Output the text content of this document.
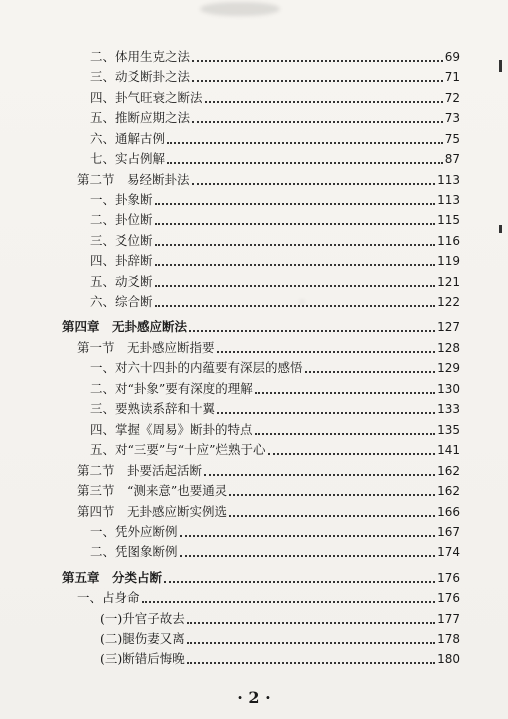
二、体用生克之法	69
三、动爻断卦之法	71
四、卦气旺衰之断法	72
五、推断应期之法	73
六、通解古例	75
七、实占例解	87
第二节　易经断卦法	113
一、卦象断	113
二、卦位断	115
三、爻位断	116
四、卦辞断	119
五、动爻断	121
六、综合断	122
第四章　无卦感应断法	127
第一节　无卦感应断指要	128
一、对六十四卦的内蕴要有深层的感悟	129
二、对“卦象”要有深度的理解	130
三、要熟读系辞和十翼	133
四、掌握《周易》断卦的特点	135
五、对“三要”与“十应”烂熟于心	141
第二节　卦要活起活断	162
第三节　“测来意”也要通灵	162
第四节　无卦感应断实例选	166
一、凭外应断例	167
二、凭图象断例	174
第五章　分类占断	176
一、占身命	176
(一)升官子故去	177
(二)腿伤妻又离	178
(三)断错后悔晚	180
· 2 ·
